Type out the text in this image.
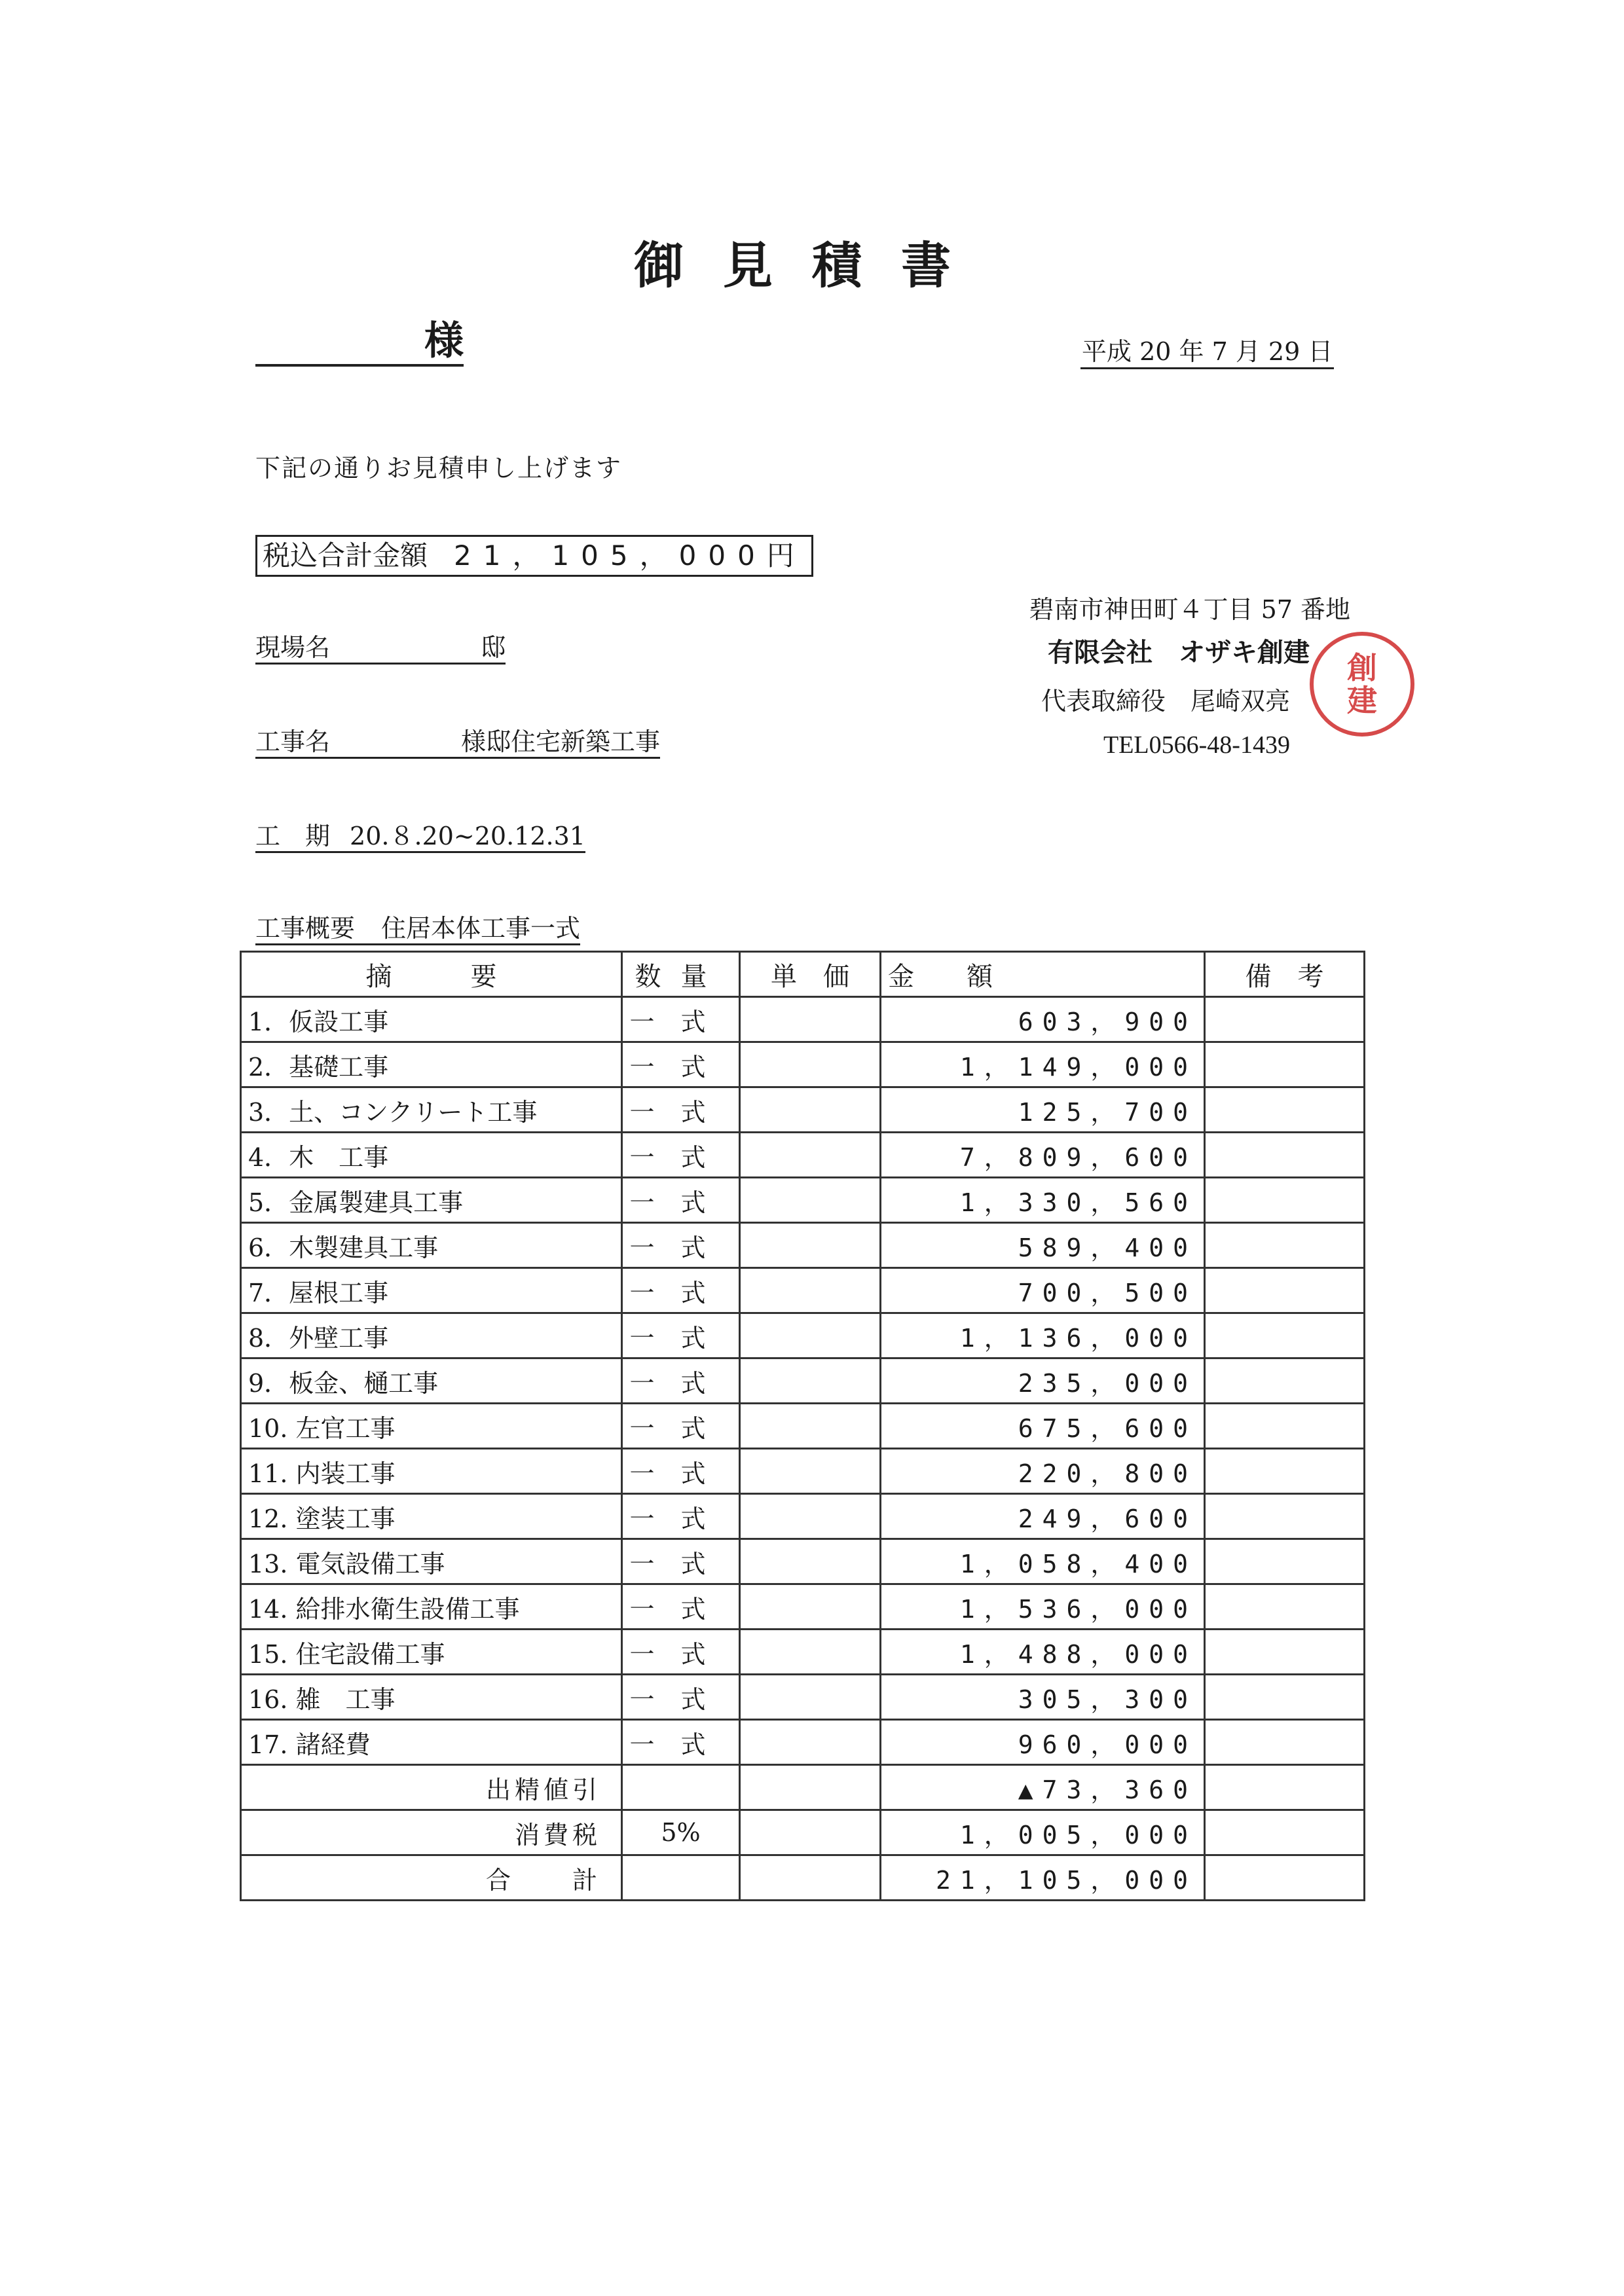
御見積書
様	平成 20 年 7 月 29 日
下記の通りお見積申し上げます
税込合計金額 21，105，000円
碧南市神田町４丁目 57 番地
有限会社　オザキ創建
代表取締役　尾崎双亮
TEL0566-48-1439
創
建
現場名	邸
工事名	様邸住宅新築工事
工　期 20.８.20~20.12.31
工事概要 住居本体工事一式
摘　　　要	数量	単　価	金　　額	備　考
1．仮設工事	一式		603，900	
2．基礎工事	一式		1，149，000	
3．土、コンクリート工事	一式		125，700	
4．木　工事	一式		7，809，600	
5．金属製建具工事	一式		1，330，560	
6．木製建具工事	一式		589，400	
7．屋根工事	一式		700，500	
8．外壁工事	一式		1，136，000	
9．板金、樋工事	一式		235，000	
10. 左官工事	一式		675，600	
11. 内装工事	一式		220，800	
12. 塗装工事	一式		249，600	
13. 電気設備工事	一式		1，058，400	
14. 給排水衛生設備工事	一式		1，536，000	
15. 住宅設備工事	一式		1，488，000	
16. 雑　工事	一式		305，300	
17. 諸経費	一式		960，000	
出精値引			▲73，360	
消費税	5%		1，005，000	
合　　計			21，105，000	
